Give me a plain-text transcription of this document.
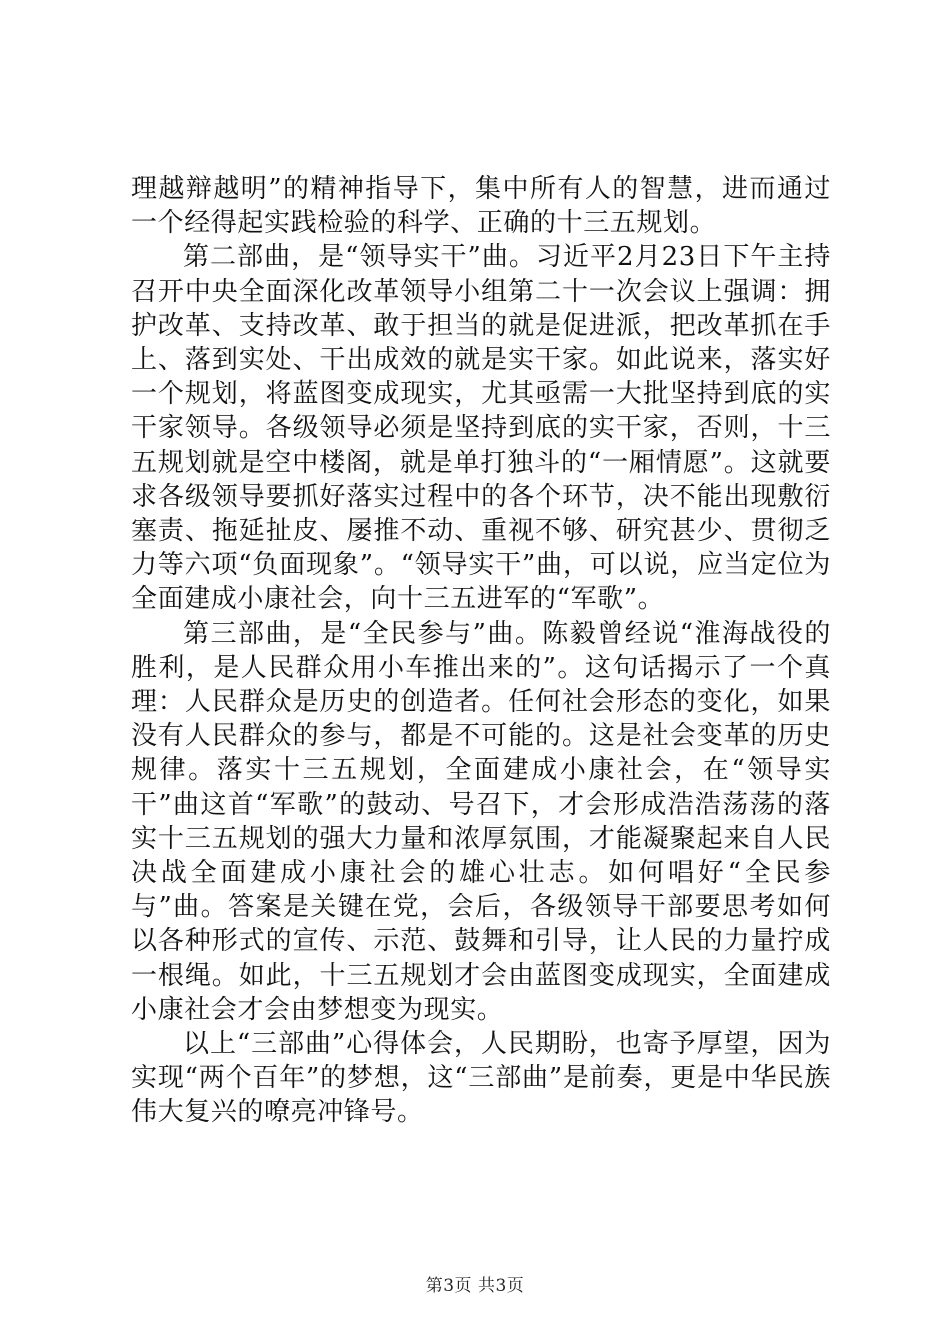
理越辩越明”的精神指导下，集中所有人的智慧，进而通过一个经得起实践检验的科学、正确的十三五规划。

第二部曲，是“领导实干”曲。习近平2月23日下午主持召开中央全面深化改革领导小组第二十一次会议上强调：拥护改革、支持改革、敢于担当的就是促进派，把改革抓在手上、落到实处、干出成效的就是实干家。如此说来，落实好一个规划，将蓝图变成现实，尤其亟需一大批坚持到底的实干家领导。各级领导必须是坚持到底的实干家，否则，十三五规划就是空中楼阁，就是单打独斗的“一厢情愿”。这就要求各级领导要抓好落实过程中的各个环节，决不能出现敷衍塞责、拖延扯皮、屡推不动、重视不够、研究甚少、贯彻乏力等六项“负面现象”。“领导实干”曲，可以说，应当定位为全面建成小康社会，向十三五进军的“军歌”。

第三部曲，是“全民参与”曲。陈毅曾经说“淮海战役的胜利，是人民群众用小车推出来的”。这句话揭示了一个真理：人民群众是历史的创造者。任何社会形态的变化，如果没有人民群众的参与，都是不可能的。这是社会变革的历史规律。落实十三五规划，全面建成小康社会，在“领导实干”曲这首“军歌”的鼓动、号召下，才会形成浩浩荡荡的落实十三五规划的强大力量和浓厚氛围，才能凝聚起来自人民决战全面建成小康社会的雄心壮志。如何唱好“全民参与”曲。答案是关键在党，会后，各级领导干部要思考如何以各种形式的宣传、示范、鼓舞和引导，让人民的力量拧成一根绳。如此，十三五规划才会由蓝图变成现实，全面建成小康社会才会由梦想变为现实。

以上“三部曲”心得体会，人民期盼，也寄予厚望，因为实现“两个百年”的梦想，这“三部曲”是前奏，更是中华民族伟大复兴的嘹亮冲锋号。

第3页 共3页
